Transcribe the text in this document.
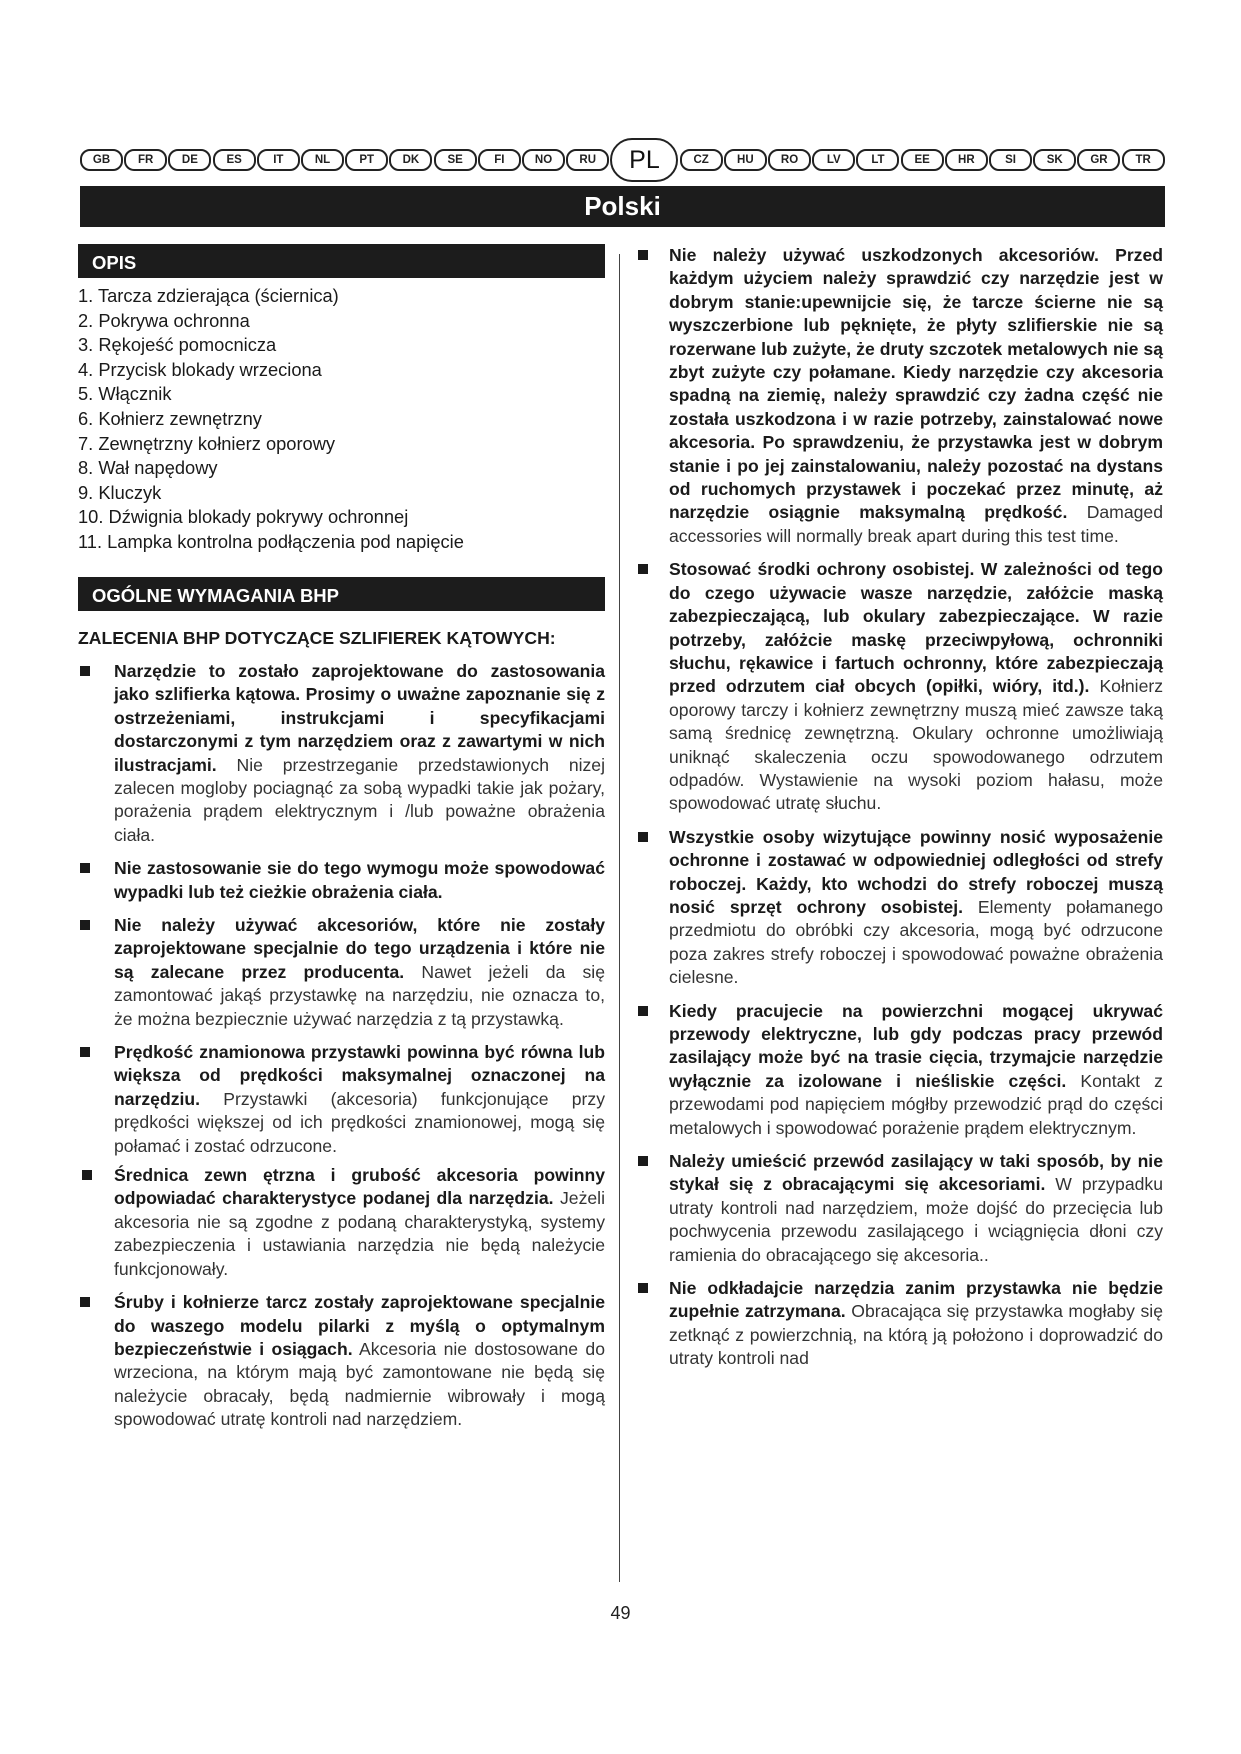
GB	FR	DE	ES	IT	NL	PT	DK	SE	FI	NO	RU	PL	CZ	HU	RO	LV	LT	EE	HR	SI	SK	GR	TR
Polski
OPIS
1. Tarcza zdzierająca (ściernica)
2. Pokrywa ochronna
3. Rękojeść pomocnicza
4. Przycisk blokady wrzeciona
5. Włącznik
6. Kołnierz zewnętrzny
7. Zewnętrzny kołnierz oporowy
8. Wał napędowy
9. Kluczyk
10. Dźwignia blokady pokrywy ochronnej
11. Lampka kontrolna podłączenia pod napięcie
OGÓLNE WYMAGANIA BHP
ZALECENIA BHP DOTYCZĄCE SZLIFIEREK KĄTOWYCH:
Narzędzie to zostało zaprojektowane do zastosowania jako szlifierka kątowa. Prosimy o uważne zapoznanie się z ostrzeżeniami, instrukcjami i specyfikacjami dostarczonymi z tym narzędziem oraz z zawartymi w nich ilustracjami. Nie przestrzeganie przedstawionych nizej zalecen mogloby pociagnąć za sobą wypadki takie jak pożary, porażenia prądem elektrycznym i /lub poważne obrażenia ciała.
Nie zastosowanie sie do tego wymogu może spowodować wypadki lub też cieżkie obrażenia ciała.
Nie należy używać akcesoriów, które nie zostały zaprojektowane specjalnie do tego urządzenia i które nie są zalecane przez producenta. Nawet jeżeli da się zamontować jakąś przystawkę na narzędziu, nie oznacza to, że można bezpiecznie używać narzędzia z tą przystawką.
Prędkość znamionowa przystawki powinna być równa lub większa od prędkości maksymalnej oznaczonej na narzędziu. Przystawki (akcesoria) funkcjonujące przy prędkości większej od ich prędkości znamionowej, mogą się połamać i zostać odrzucone.
Średnica zewn ętrzna i grubość akcesoria powinny odpowiadać charakterystyce podanej dla narzędzia. Jeżeli akcesoria nie są zgodne z podaną charakterystyką, systemy zabezpieczenia i ustawiania narzędzia nie będą należycie funkcjonowały.
Śruby i kołnierze tarcz zostały zaprojektowane specjalnie do waszego modelu pilarki z myślą o optymalnym bezpieczeństwie i osiągach. Akcesoria nie dostosowane do wrzeciona, na którym mają być zamontowane nie będą się należycie obracały, będą nadmiernie wibrowały i mogą spowodować utratę kontroli nad narzędziem.
Nie należy używać uszkodzonych akcesoriów. Przed każdym użyciem należy sprawdzić czy narzędzie jest w dobrym stanie:upewnijcie się, że tarcze ścierne nie są wyszczerbione lub pęknięte, że płyty szlifierskie nie są rozerwane lub zużyte, że druty szczotek metalowych nie są zbyt zużyte czy połamane. Kiedy narzędzie czy akcesoria spadną na ziemię, należy sprawdzić czy żadna część nie została uszkodzona i w razie potrzeby, zainstalować nowe akcesoria. Po sprawdzeniu, że przystawka jest w dobrym stanie i po jej zainstalowaniu, należy pozostać na dystans od ruchomych przystawek i poczekać przez minutę, aż narzędzie osiągnie maksymalną prędkość. Damaged accessories will normally break apart during this test time.
Stosować środki ochrony osobistej. W zależności od tego do czego używacie wasze narzędzie, załóżcie maską zabezpieczającą, lub okulary zabezpieczające. W razie potrzeby, załóżcie maskę przeciwpyłową, ochronniki słuchu, rękawice i fartuch ochronny, które zabezpieczają przed odrzutem ciał obcych (opiłki, wióry, itd.). Kołnierz oporowy tarczy i kołnierz zewnętrzny muszą mieć zawsze taką samą średnicę zewnętrzną. Okulary ochronne umożliwiają uniknąć skaleczenia oczu spowodowanego odrzutem odpadów. Wystawienie na wysoki poziom hałasu, może spowodować utratę słuchu.
Wszystkie osoby wizytujące powinny nosić wyposażenie ochronne i zostawać w odpowiedniej odległości od strefy roboczej. Każdy, kto wchodzi do strefy roboczej muszą nosić sprzęt ochrony osobistej. Elementy połamanego przedmiotu do obróbki czy akcesoria, mogą być odrzucone poza zakres strefy roboczej i spowodować poważne obrażenia cielesne.
Kiedy pracujecie na powierzchni mogącej ukrywać przewody elektryczne, lub gdy podczas pracy przewód zasilający może być na trasie cięcia, trzymajcie narzędzie wyłącznie za izolowane i nieśliskie części. Kontakt z przewodami pod napięciem mógłby przewodzić prąd do części metalowych i spowodować porażenie prądem elektrycznym.
Należy umieścić przewód zasilający w taki sposób, by nie stykał się z obracającymi się akcesoriami. W przypadku utraty kontroli nad narzędziem, może dojść do przecięcia lub pochwycenia przewodu zasilającego i wciągnięcia dłoni czy ramienia do obracającego się akcesoria..
Nie odkładajcie narzędzia zanim przystawka nie będzie zupełnie zatrzymana. Obracająca się przystawka mogłaby się zetknąć z powierzchnią, na którą ją położono i doprowadzić do utraty kontroli nad
49
